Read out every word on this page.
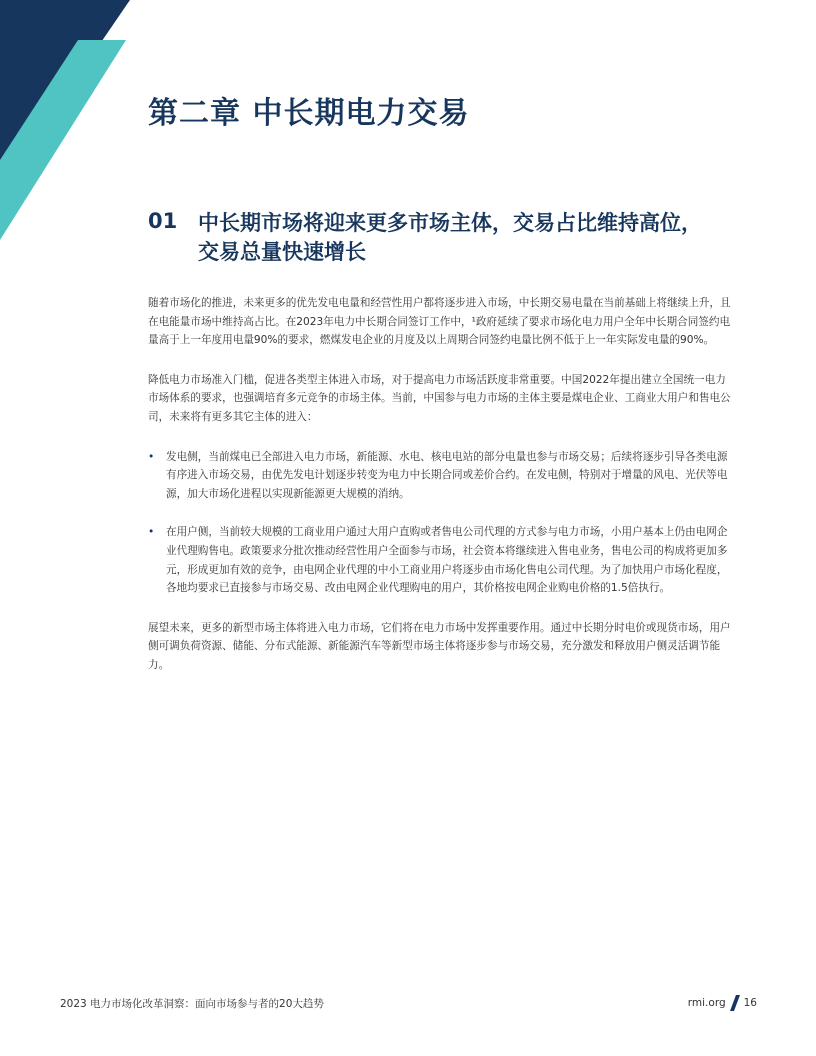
第二章 中长期电力交易
01 中长期市场将迎来更多市场主体，交易占比维持高位，
交易总量快速增长

随着市场化的推进，未来更多的优先发电电量和经营性用户都将逐步进入市场，中长期交易电量在当前基础上将继续上升，且在电能量市场中维持高占比。在2023年电力中长期合同签订工作中，¹政府延续了要求市场化电力用户全年中长期合同签约电量高于上一年度用电量90%的要求，燃煤发电企业的月度及以上周期合同签约电量比例不低于上一年实际发电量的90%。

降低电力市场准入门槛，促进各类型主体进入市场，对于提高电力市场活跃度非常重要。中国2022年提出建立全国统一电力市场体系的要求，也强调培育多元竞争的市场主体。当前，中国参与电力市场的主体主要是煤电企业、工商业大用户和售电公司，未来将有更多其它主体的进入：

• 发电侧，当前煤电已全部进入电力市场，新能源、水电、核电电站的部分电量也参与市场交易；后续将逐步引导各类电源有序进入市场交易，由优先发电计划逐步转变为电力中长期合同或差价合约。在发电侧，特别对于增量的风电、光伏等电源，加大市场化进程以实现新能源更大规模的消纳。
• 在用户侧，当前较大规模的工商业用户通过大用户直购或者售电公司代理的方式参与电力市场，小用户基本上仍由电网企业代理购售电。政策要求分批次推动经营性用户全面参与市场，社会资本将继续进入售电业务，售电公司的构成将更加多元，形成更加有效的竞争，由电网企业代理的中小工商业用户将逐步由市场化售电公司代理。为了加快用户市场化程度，各地均要求已直接参与市场交易、改由电网企业代理购电的用户，其价格按电网企业购电价格的1.5倍执行。

展望未来，更多的新型市场主体将进入电力市场，它们将在电力市场中发挥重要作用。通过中长期分时电价或现货市场，用户侧可调负荷资源、储能、分布式能源、新能源汽车等新型市场主体将逐步参与市场交易，充分激发和释放用户侧灵活调节能力。

2023 电力市场化改革洞察：面向市场参与者的20大趋势	rmi.org 16
